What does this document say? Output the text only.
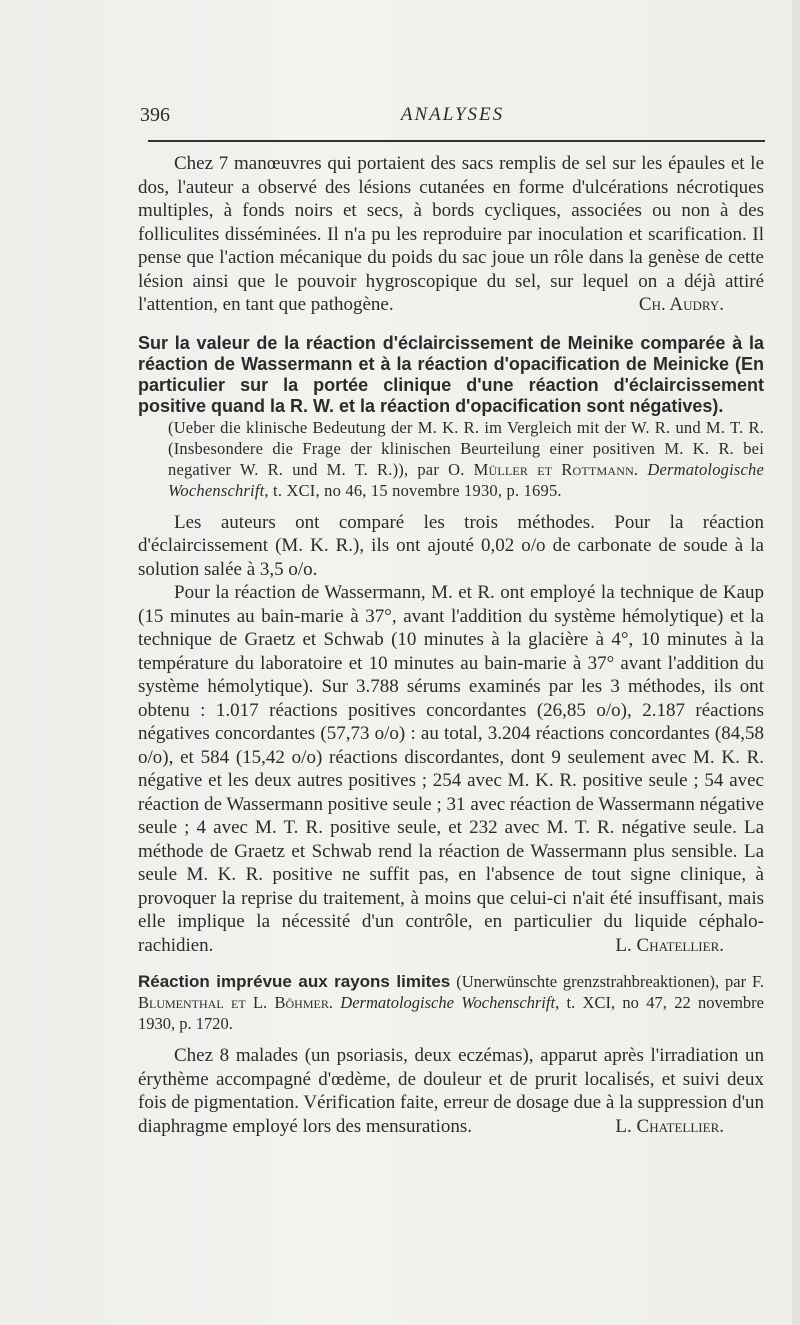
396	ANALYSES

Chez 7 manœuvres qui portaient des sacs remplis de sel sur les épaules et le dos, l'auteur a observé des lésions cutanées en forme d'ulcérations nécrotiques multiples, à fonds noirs et secs, à bords cycliques, associées ou non à des folliculites disséminées. Il n'a pu les reproduire par inoculation et scarification. Il pense que l'action mécanique du poids du sac joue un rôle dans la genèse de cette lésion ainsi que le pouvoir hygroscopique du sel, sur lequel on a déjà attiré l'attention, en tant que pathogène.	Ch. Audry.

Sur la valeur de la réaction d'éclaircissement de Meinike comparée à la réaction de Wassermann et à la réaction d'opacification de Meinicke (En particulier sur la portée clinique d'une réaction d'éclaircissement positive quand la R. W. et la réaction d'opacification sont négatives).

(Ueber die klinische Bedeutung der M. K. R. im Vergleich mit der W. R. und M. T. R. (Insbesondere die Frage der klinischen Beurteilung einer positiven M. K. R. bei negativer W. R. und M. T. R.)), par O. Müller et Rottmann. Dermatologische Wochenschrift, t. XCI, no 46, 15 novembre 1930, p. 1695.

Les auteurs ont comparé les trois méthodes. Pour la réaction d'éclaircissement (M. K. R.), ils ont ajouté 0,02 o/o de carbonate de soude à la solution salée à 3,5 o/o.

Pour la réaction de Wassermann, M. et R. ont employé la technique de Kaup (15 minutes au bain-marie à 37°, avant l'addition du système hémolytique) et la technique de Graetz et Schwab (10 minutes à la glacière à 4°, 10 minutes à la température du laboratoire et 10 minutes au bain-marie à 37° avant l'addition du système hémolytique). Sur 3.788 sérums examinés par les 3 méthodes, ils ont obtenu : 1.017 réactions positives concordantes (26,85 o/o), 2.187 réactions négatives concordantes (57,73 o/o) : au total, 3.204 réactions concordantes (84,58 o/o), et 584 (15,42 o/o) réactions discordantes, dont 9 seulement avec M. K. R. négative et les deux autres positives ; 254 avec M. K. R. positive seule ; 54 avec réaction de Wassermann positive seule ; 31 avec réaction de Wassermann négative seule ; 4 avec M. T. R. positive seule, et 232 avec M. T. R. négative seule. La méthode de Graetz et Schwab rend la réaction de Wassermann plus sensible. La seule M. K. R. positive ne suffit pas, en l'absence de tout signe clinique, à provoquer la reprise du traitement, à moins que celui-ci n'ait été insuffisant, mais elle implique la nécessité d'un contrôle, en particulier du liquide céphalo-rachidien.	L. Chatellier.

Réaction imprévue aux rayons limites (Unerwünschte grenzstrahbreaktionen), par F. Blumenthal et L. Böhmer. Dermatologische Wochenschrift, t. XCI, no 47, 22 novembre 1930, p. 1720.

Chez 8 malades (un psoriasis, deux eczémas), apparut après l'irradiation un érythème accompagné d'œdème, de douleur et de prurit localisés, et suivi deux fois de pigmentation. Vérification faite, erreur de dosage due à la suppression d'un diaphragme employé lors des mensurations.	L. Chatellier.
